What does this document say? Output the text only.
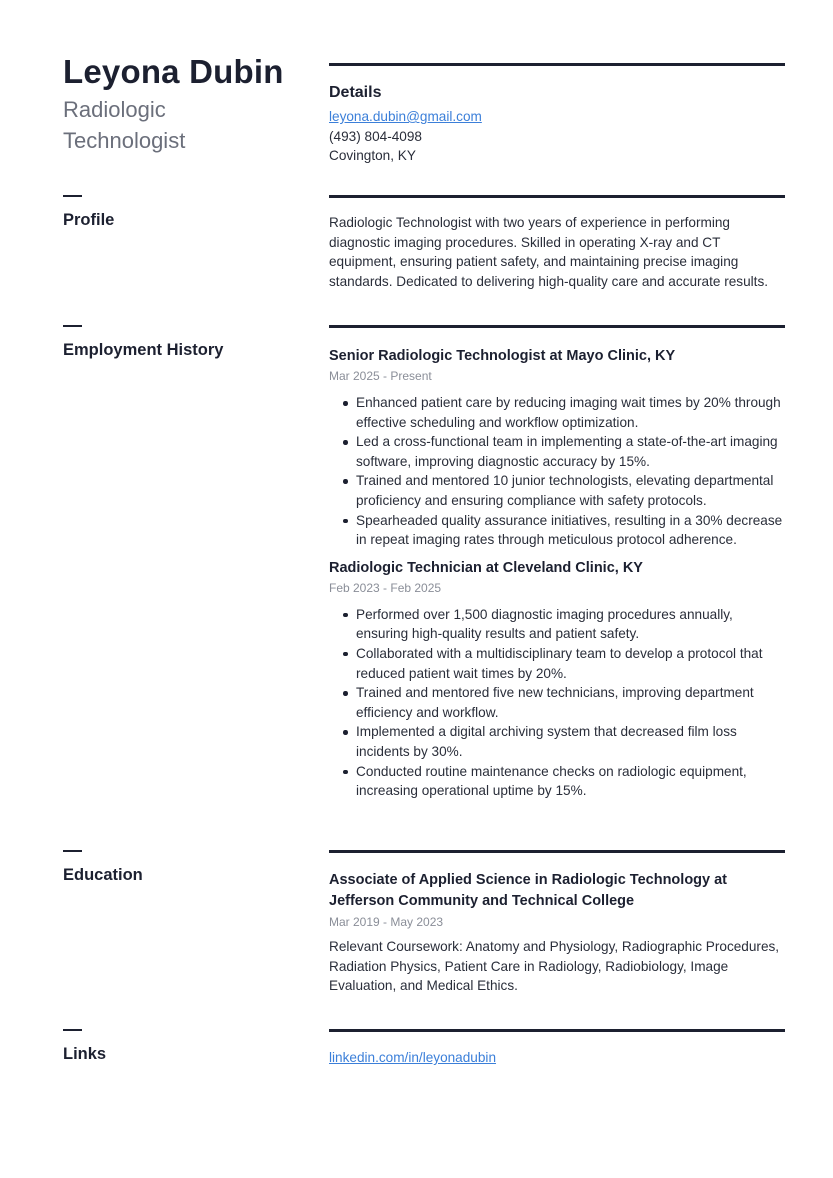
Leyona Dubin
Radiologic Technologist
Details
leyona.dubin@gmail.com
(493) 804-4098
Covington, KY
Profile	Radiologic Technologist with two years of experience in performing diagnostic imaging procedures. Skilled in operating X-ray and CT equipment, ensuring patient safety, and maintaining precise imaging standards. Dedicated to delivering high-quality care and accurate results.

Employment History	Senior Radiologic Technologist at Mayo Clinic, KY

Mar 2025 - Present

Enhanced patient care by reducing imaging wait times by 20% through effective scheduling and workflow optimization.
Led a cross-functional team in implementing a state-of-the-art imaging software, improving diagnostic accuracy by 15%.
Trained and mentored 10 junior technologists, elevating departmental proficiency and ensuring compliance with safety protocols.
Spearheaded quality assurance initiatives, resulting in a 30% decrease in repeat imaging rates through meticulous protocol adherence.

Radiologic Technician at Cleveland Clinic, KY

Feb 2023 - Feb 2025

Performed over 1,500 diagnostic imaging procedures annually, ensuring high-quality results and patient safety.
Collaborated with a multidisciplinary team to develop a protocol that reduced patient wait times by 20%.
Trained and mentored five new technicians, improving department efficiency and workflow.
Implemented a digital archiving system that decreased film loss incidents by 30%.
Conducted routine maintenance checks on radiologic equipment, increasing operational uptime by 15%.
Education	Associate of Applied Science in Radiologic Technology at Jefferson Community and Technical College

Mar 2019 - May 2023

Relevant Coursework: Anatomy and Physiology, Radiographic Procedures, Radiation Physics, Patient Care in Radiology, Radiobiology, Image Evaluation, and Medical Ethics.

Links	linkedin.com/in/leyonadubin
